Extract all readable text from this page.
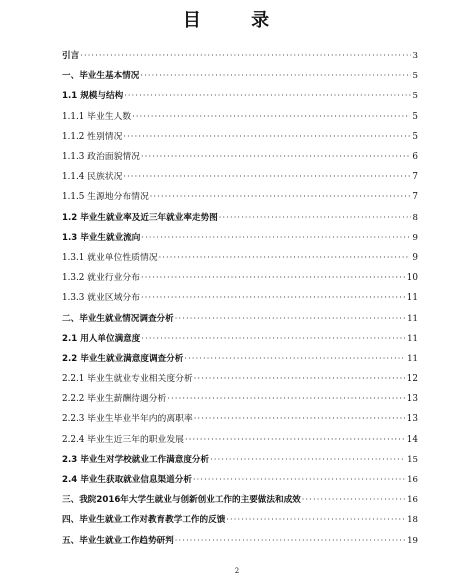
目 录
引言 ·····	3
一、毕业生基本情况 ·····	5
1.1 规模与结构 ·····	5
1.1.1 毕业生人数 ·····	5
1.1.2 性别情况 ·····	5
1.1.3 政治面貌情况 ·····	6
1.1.4 民族状况 ·····	7
1.1.5 生源地分布情况 ·····	7
1.2 毕业生就业率及近三年就业率走势图 ·····	8
1.3 毕业生就业流向 ·····	9
1.3.1 就业单位性质情况 ·····	9
1.3.2 就业行业分布 ·····	10
1.3.3 就业区域分布 ·····	11
二、毕业生就业情况调查分析 ·····	11
2.1 用人单位满意度 ·····	11
2.2 毕业生就业满意度调查分析 ·····	11
2.2.1 毕业生就业专业相关度分析 ·····	12
2.2.2 毕业生薪酬待遇分析 ·····	13
2.2.3 毕业生毕业半年内的离职率 ·····	13
2.2.4 毕业生近三年的职业发展 ·····	14
2.3 毕业生对学校就业工作满意度分析 ·····	15
2.4 毕业生获取就业信息渠道分析 ·····	16
三、我院2016年大学生就业与创新创业工作的主要做法和成效 ·····	16
四、毕业生就业工作对教育教学工作的反馈 ·····	18
五、毕业生就业工作趋势研判 ·····	19
2
